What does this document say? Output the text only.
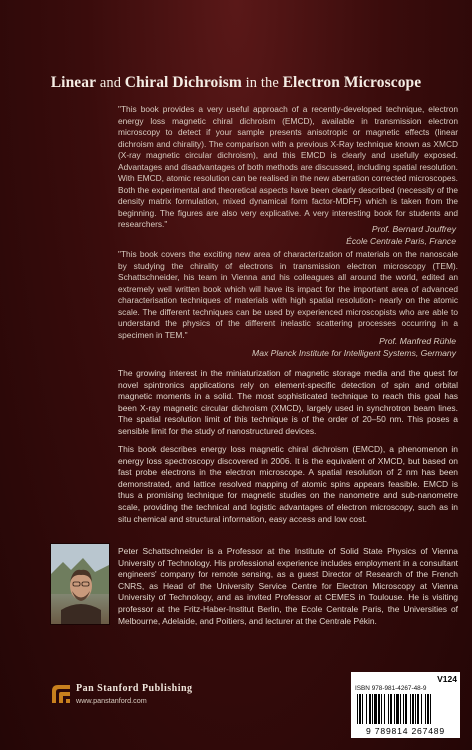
Linear and Chiral Dichroism in the Electron Microscope

"This book provides a very useful approach of a recently-developed technique, electron energy loss magnetic chiral dichroism (EMCD), available in transmission electron microscopy to detect if your sample presents anisotropic or magnetic effects (linear dichroism and chirality). The comparison with a previous X-Ray technique known as XMCD (X-ray magnetic circular dichroism), and this EMCD is clearly and usefully exposed. Advantages and disadvantages of both methods are discussed, including spatial resolution. With EMCD, atomic resolution can be realised in the new aberration corrected microscopes. Both the experimental and theoretical aspects have been clearly described (necessity of the density matrix formulation, mixed dynamical form factor-MDFF) which is taken from the beginning. The figures are also very explicative. A very interesting book for students and researchers."	Prof. Bernard Jouffrey
École Centrale Paris, France

"This book covers the exciting new area of characterization of materials on the nanoscale by studying the chirality of electrons in transmission electron microscopy (TEM). Schattschneider, his team in Vienna and his colleagues all around the world, edited an extremely well written book which will have its impact for the important area of advanced characterisation techniques of materials with high spatial resolution- nearly on the atomic scale. The different techniques can be used by experienced microscopists who are able to understand the physics of the different inelastic scattering processes occurring in a specimen in TEM."

Prof. Manfred Rühle
Max Planck Institute for Intelligent Systems, Germany

The growing interest in the miniaturization of magnetic storage media and the quest for novel spintronics applications rely on element-specific detection of spin and orbital magnetic moments in a solid. The most sophisticated technique to reach this goal has been X-ray magnetic circular dichroism (XMCD), largely used in synchrotron beam lines. The spatial resolution limit of this technique is of the order of 20–50 nm. This poses a sensible limit for the study of nanostructured devices.

This book describes energy loss magnetic chiral dichroism (EMCD), a phenomenon in energy loss spectroscopy discovered in 2006. It is the equivalent of XMCD, but based on fast probe electrons in the electron microscope. A spatial resolution of 2 nm has been demonstrated, and lattice resolved mapping of atomic spins appears feasible. EMCD is thus a promising technique for magnetic studies on the nanometre and sub-nanometre scale, providing the technical and logistic advantages of electron microscopy, such as in situ chemical and structural information, easy access and low cost.

Peter Schattschneider is a Professor at the Institute of Solid State Physics of Vienna University of Technology. His professional experience includes employment in a consultant engineers' company for remote sensing, as a guest Director of Research of the French CNRS, as Head of the University Service Centre for Electron Microscopy at Vienna University of Technology, and as invited Professor at CEMES in Toulouse. He is visiting professor at the Fritz-Haber-Institut Berlin, the Ecole Centrale Paris, the Universities of Melbourne, Adelaide, and Poitiers, and lecturer at the Centrale Pékin.

Pan Stanford Publishing
www.panstanford.com
V124
ISBN 978-981-4267-48-9
9 789814 267489
